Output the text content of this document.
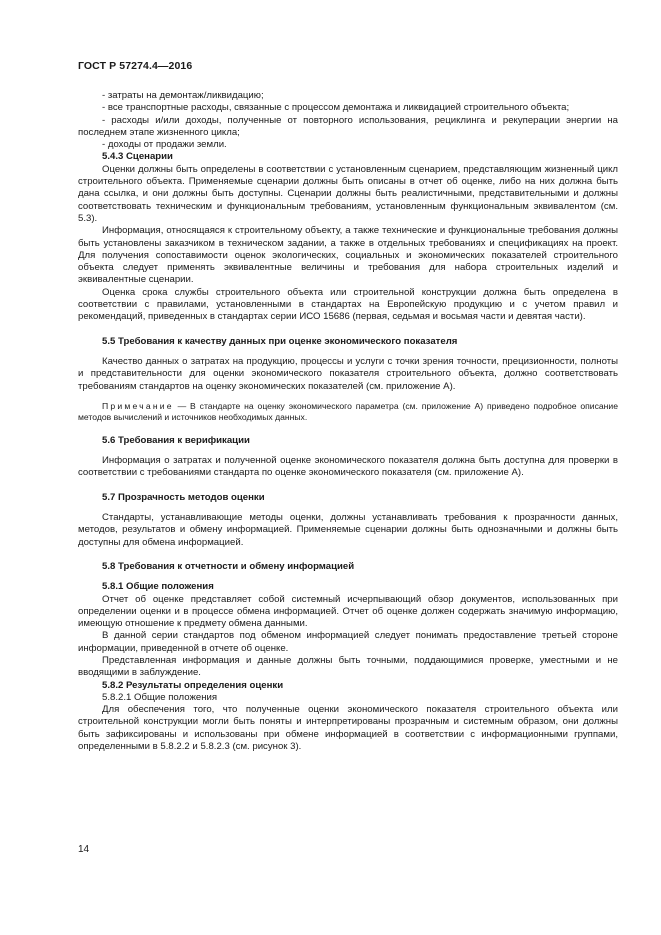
ГОСТ Р 57274.4—2016

- затраты на демонтаж/ликвидацию;

- все транспортные расходы, связанные с процессом демонтажа и ликвидацией строительного объекта;

- расходы и/или доходы, полученные от повторного использования, рециклинга и рекуперации энергии на последнем этапе жизненного цикла;

- доходы от продажи земли.

5.4.3 Сценарии

Оценки должны быть определены в соответствии с установленным сценарием, представляющим жизненный цикл строительного объекта. Применяемые сценарии должны быть описаны в отчет об оценке, либо на них должна быть дана ссылка, и они должны быть доступны. Сценарии должны быть реалистичными, представительными и должны соответствовать техническим и функциональным требованиям, установленным функциональным эквивалентом (см. 5.3).

Информация, относящаяся к строительному объекту, а также технические и функциональные требования должны быть установлены заказчиком в техническом задании, а также в отдельных требованиях и спецификациях на проект. Для получения сопоставимости оценок экологических, социальных и экономических показателей строительного объекта следует применять эквивалентные величины и требования для набора строительных изделий и эквивалентные сценарии.

Оценка срока службы строительного объекта или строительной конструкции должна быть определена в соответствии с правилами, установленными в стандартах на Европейскую продукцию и с учетом правил и рекомендаций, приведенных в стандартах серии ИСО 15686 (первая, седьмая и восьмая части и девятая части).

5.5 Требования к качеству данных при оценке экономического показателя

Качество данных о затратах на продукцию, процессы и услуги с точки зрения точности, прецизионности, полноты и представительности для оценки экономического показателя строительного объекта, должно соответствовать требованиям стандартов на оценку экономических показателей (см. приложение А).

Примечание — В стандарте на оценку экономического параметра (см. приложение А) приведено подробное описание методов вычислений и источников необходимых данных.

5.6 Требования к верификации

Информация о затратах и полученной оценке экономического показателя должна быть доступна для проверки в соответствии с требованиями стандарта по оценке экономического показателя (см. приложение А).

5.7 Прозрачность методов оценки

Стандарты, устанавливающие методы оценки, должны устанавливать требования к прозрачности данных, методов, результатов и обмену информацией. Применяемые сценарии должны быть однозначными и должны быть доступны для обмена информацией.

5.8 Требования к отчетности и обмену информацией

5.8.1 Общие положения

Отчет об оценке представляет собой системный исчерпывающий обзор документов, использованных при определении оценки и в процессе обмена информацией. Отчет об оценке должен содержать значимую информацию, имеющую отношение к предмету обмена данными.

В данной серии стандартов под обменом информацией следует понимать предоставление третьей стороне информации, приведенной в отчете об оценке.

Представленная информация и данные должны быть точными, поддающимися проверке, уместными и не вводящими в заблуждение.

5.8.2 Результаты определения оценки

5.8.2.1 Общие положения

Для обеспечения того, что полученные оценки экономического показателя строительного объекта или строительной конструкции могли быть поняты и интерпретированы прозрачным и системным образом, они должны быть зафиксированы и использованы при обмене информацией в соответствии с информационными группами, определенными в 5.8.2.2 и 5.8.2.3 (см. рисунок 3).

14
